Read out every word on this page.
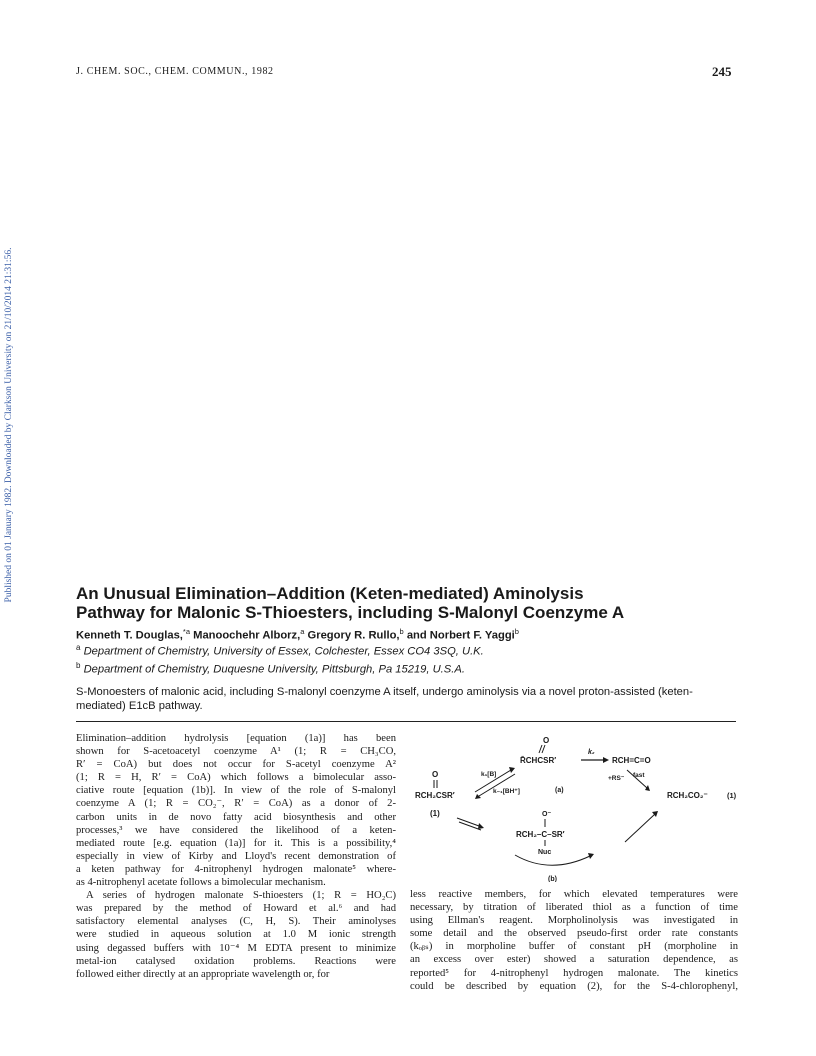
Published on 01 January 1982. Downloaded by Clarkson University on 21/10/2014 21:31:56.
J. CHEM. SOC., CHEM. COMMUN., 1982	245
An Unusual Elimination–Addition (Keten-mediated) Aminolysis
Pathway for Malonic S-Thioesters, including S-Malonyl Coenzyme A
Kenneth T. Douglas,$^{*a}$ Manoochehr Alborz,$^a$ Gregory R. Rullo,$^b$ and Norbert F. Yaggi$^b$
$^a$ Department of Chemistry, University of Essex, Colchester, Essex CO4 3SQ, U.K.
$^b$ Department of Chemistry, Duquesne University, Pittsburgh, Pa 15219, U.S.A.
S-Monoesters of malonic acid, including S-malonyl coenzyme A itself, undergo aminolysis via a novel proton-assisted (keten-mediated) E1cB pathway.
Elimination–addition hydrolysis [equation (1a)] has been
shown for S-acetoacetyl coenzyme A¹ (1; R = CH₃CO,
R′ = CoA) but does not occur for S-acetyl coenzyme A²
(1; R = H, R′ = CoA) which follows a bimolecular asso-
ciative route [equation (1b)]. In view of the role of S-malonyl
coenzyme A (1; R = CO₂⁻, R′ = CoA) as a donor of 2-
carbon units in de novo fatty acid biosynthesis and other
processes,³ we have considered the likelihood of a keten-
mediated route [e.g. equation (1a)] for it. This is a possibility,⁴
especially in view of Kirby and Lloyd's recent demonstration of
a keten pathway for 4-nitrophenyl hydrogen malonate⁵ where-
as 4-nitrophenyl acetate follows a bimolecular mechanism.
A series of hydrogen malonate S-thioesters (1; R = HO₂C)
was prepared by the method of Howard et al.⁶ and had
satisfactory elemental analyses (C, H, S). Their aminolyses
were studied in aqueous solution at 1.0 M ionic strength
using degassed buffers with 10⁻⁴ M EDTA present to minimize
metal-ion catalysed oxidation problems. Reactions were
followed either directly at an appropriate wavelength or, for
less reactive members, for which elevated temperatures were
necessary, by titration of liberated thiol as a function of time
using Ellman's reagent. Morpholinolysis was investigated in
some detail and the observed pseudo-first order rate constants
(kₒᵦₛ) in morpholine buffer of constant pH (morpholine in
an excess over ester) showed a saturation dependence, as
reported⁵ for 4-nitrophenyl hydrogen malonate. The kinetics
could be described by equation (2), for the S-4-chlorophenyl,
O
R̄CHCSR′
k₂
RCH=C=O
O
RCH₂CSR′
(1)
k₁[B]
k₋₁[BH⁺]	(a)
+RS⁻ fast
RCH₂CO₂⁻	(1)
O⁻
RCH₂–C–SR′
Nuc
(b)
